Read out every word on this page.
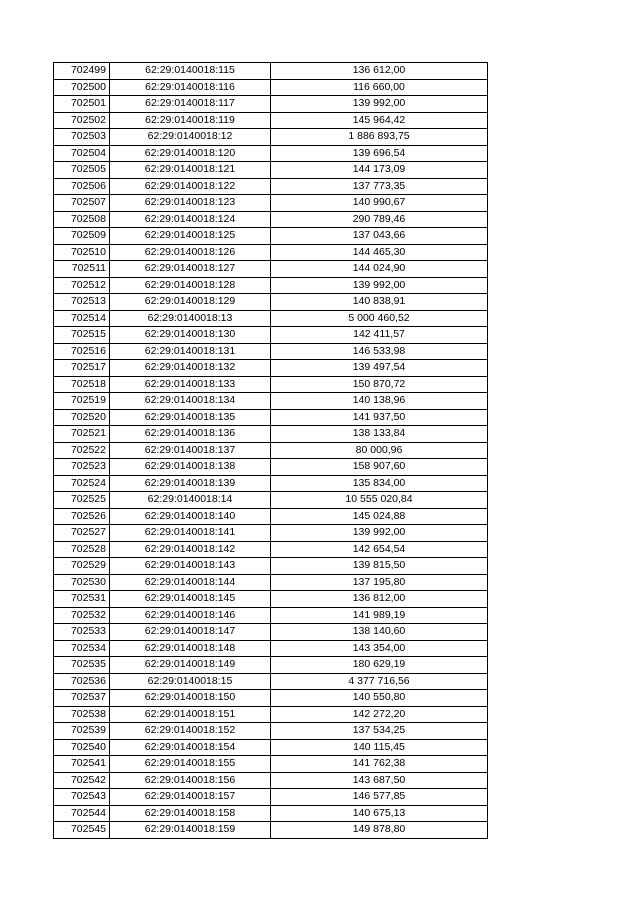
702499	62:29:0140018:115	136 612,00
702500	62:29:0140018:116	116 660,00
702501	62:29:0140018:117	139 992,00
702502	62:29:0140018:119	145 964,42
702503	62:29:0140018:12	1 886 893,75
702504	62:29:0140018:120	139 696,54
702505	62:29:0140018:121	144 173,09
702506	62:29:0140018:122	137 773,35
702507	62:29:0140018:123	140 990,67
702508	62:29:0140018:124	290 789,46
702509	62:29:0140018:125	137 043,66
702510	62:29:0140018:126	144 465,30
702511	62:29:0140018:127	144 024,90
702512	62:29:0140018:128	139 992,00
702513	62:29:0140018:129	140 838,91
702514	62:29:0140018:13	5 000 460,52
702515	62:29:0140018:130	142 411,57
702516	62:29:0140018:131	146 533,98
702517	62:29:0140018:132	139 497,54
702518	62:29:0140018:133	150 870,72
702519	62:29:0140018:134	140 138,96
702520	62:29:0140018:135	141 937,50
702521	62:29:0140018:136	138 133,84
702522	62:29:0140018:137	80 000,96
702523	62:29:0140018:138	158 907,60
702524	62:29:0140018:139	135 834,00
702525	62:29:0140018:14	10 555 020,84
702526	62:29:0140018:140	145 024,88
702527	62:29:0140018:141	139 992,00
702528	62:29:0140018:142	142 654,54
702529	62:29:0140018:143	139 815,50
702530	62:29:0140018:144	137 195,80
702531	62:29:0140018:145	136 812,00
702532	62:29:0140018:146	141 989,19
702533	62:29:0140018:147	138 140,60
702534	62:29:0140018:148	143 354,00
702535	62:29:0140018:149	180 629,19
702536	62:29:0140018:15	4 377 716,56
702537	62:29:0140018:150	140 550,80
702538	62:29:0140018:151	142 272,20
702539	62:29:0140018:152	137 534,25
702540	62:29:0140018:154	140 115,45
702541	62:29:0140018:155	141 762,38
702542	62:29:0140018:156	143 687,50
702543	62:29:0140018:157	146 577,85
702544	62:29:0140018:158	140 675,13
702545	62:29:0140018:159	149 878,80
